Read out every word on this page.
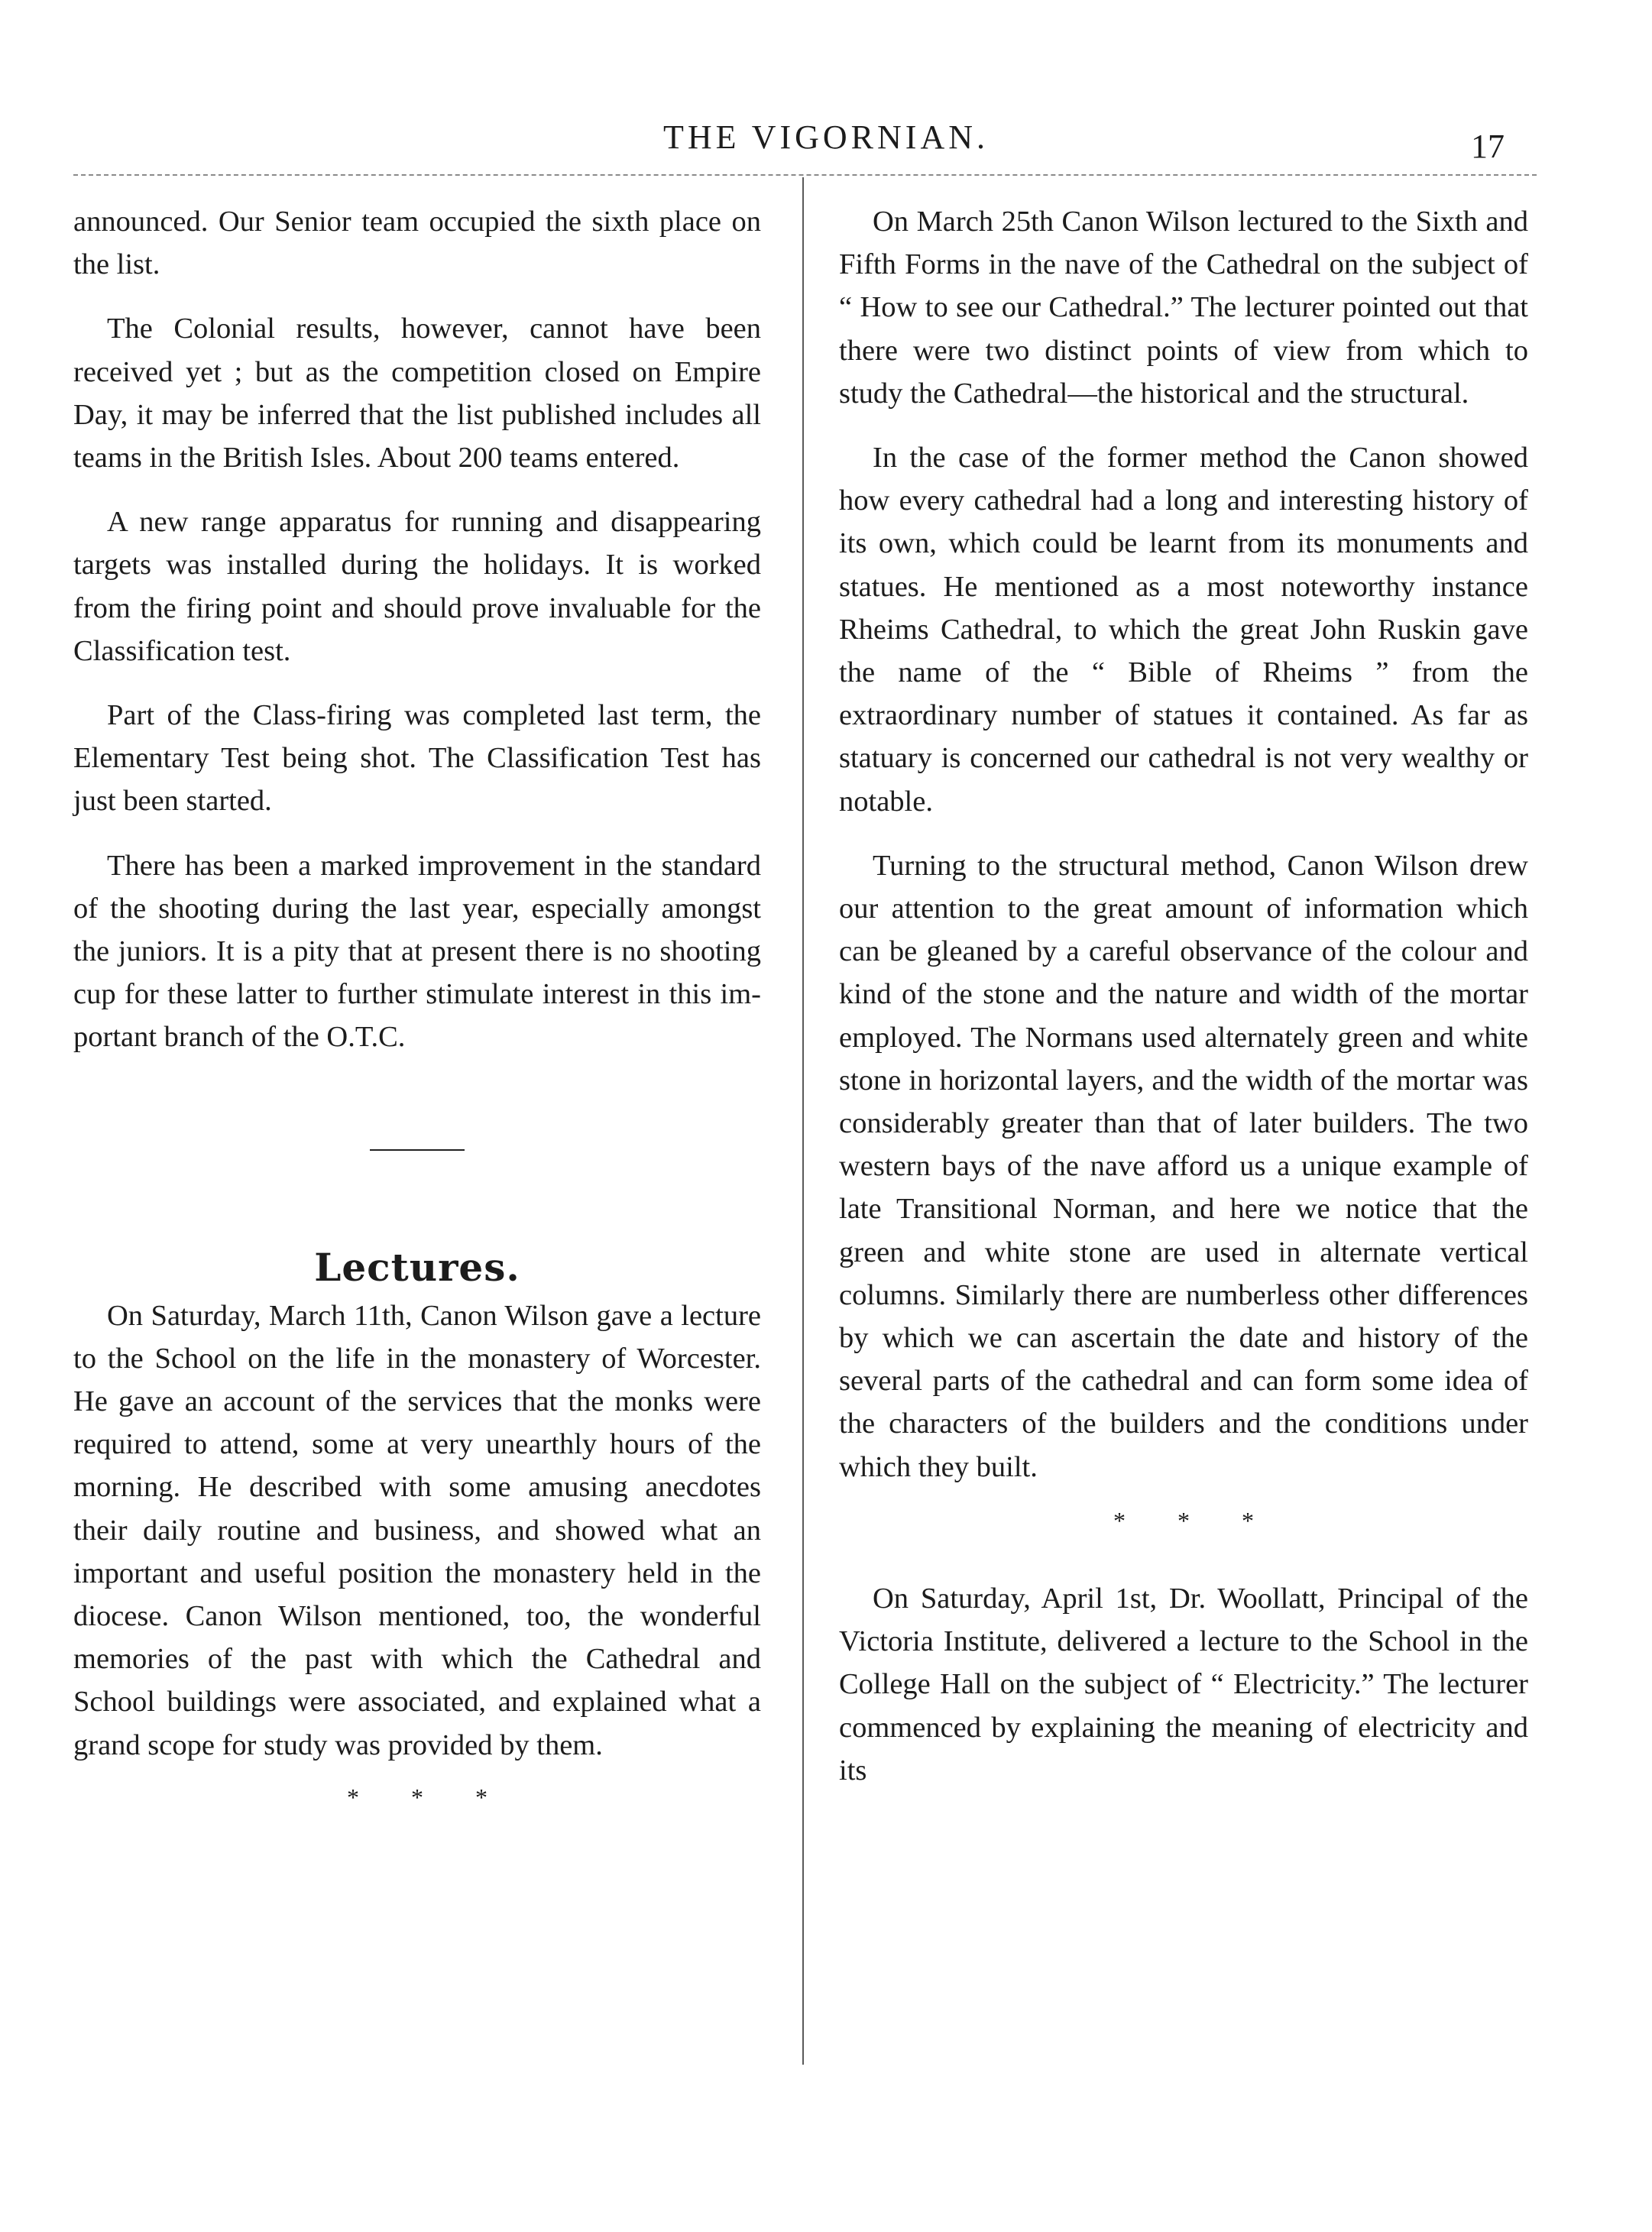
THE VIGORNIAN.	17

announced. Our Senior team occupied the sixth place on the list.

The Colonial results, however, cannot have been received yet ; but as the competition closed on Empire Day, it may be inferred that the list published includes all teams in the British Isles. About 200 teams entered.

A new range apparatus for running and disappearing targets was installed during the holidays. It is worked from the firing point and should prove invaluable for the Classification test.

Part of the Class-firing was completed last term, the Elementary Test being shot. The Classification Test has just been started.

There has been a marked improvement in the standard of the shooting during the last year, especially amongst the juniors. It is a pity that at present there is no shooting cup for these latter to further stimulate interest in this important branch of the O.T.C.

Lectures.

On Saturday, March 11th, Canon Wilson gave a lecture to the School on the life in the monastery of Worcester. He gave an account of the services that the monks were required to attend, some at very unearthly hours of the morning. He described with some amusing anecdotes their daily routine and business, and showed what an important and useful position the monastery held in the diocese. Canon Wilson mentioned, too, the wonderful memories of the past with which the Cathedral and School buildings were associated, and explained what a grand scope for study was provided by them.

* * *

On March 25th Canon Wilson lectured to the Sixth and Fifth Forms in the nave of the Cathedral on the subject of “ How to see our Cathedral.” The lecturer pointed out that there were two distinct points of view from which to study the Cathedral—the historical and the structural.

In the case of the former method the Canon showed how every cathedral had a long and interesting history of its own, which could be learnt from its monuments and statues. He mentioned as a most noteworthy instance Rheims Cathedral, to which the great John Ruskin gave the name of the “ Bible of Rheims ” from the extraordinary number of statues it contained. As far as statuary is concerned our cathedral is not very wealthy or notable.

Turning to the structural method, Canon Wilson drew our attention to the great amount of information which can be gleaned by a careful observance of the colour and kind of the stone and the nature and width of the mortar employed. The Normans used alternately green and white stone in horizontal layers, and the width of the mortar was considerably greater than that of later builders. The two western bays of the nave afford us a unique example of late Transitional Norman, and here we notice that the green and white stone are used in alternate vertical columns. Similarly there are numberless other differences by which we can ascertain the date and history of the several parts of the cathedral and can form some idea of the characters of the builders and the conditions under which they built.

* * *

On Saturday, April 1st, Dr. Woollatt, Principal of the Victoria Institute, delivered a lecture to the School in the College Hall on the subject of “ Electricity.” The lecturer commenced by explaining the meaning of electricity and its
